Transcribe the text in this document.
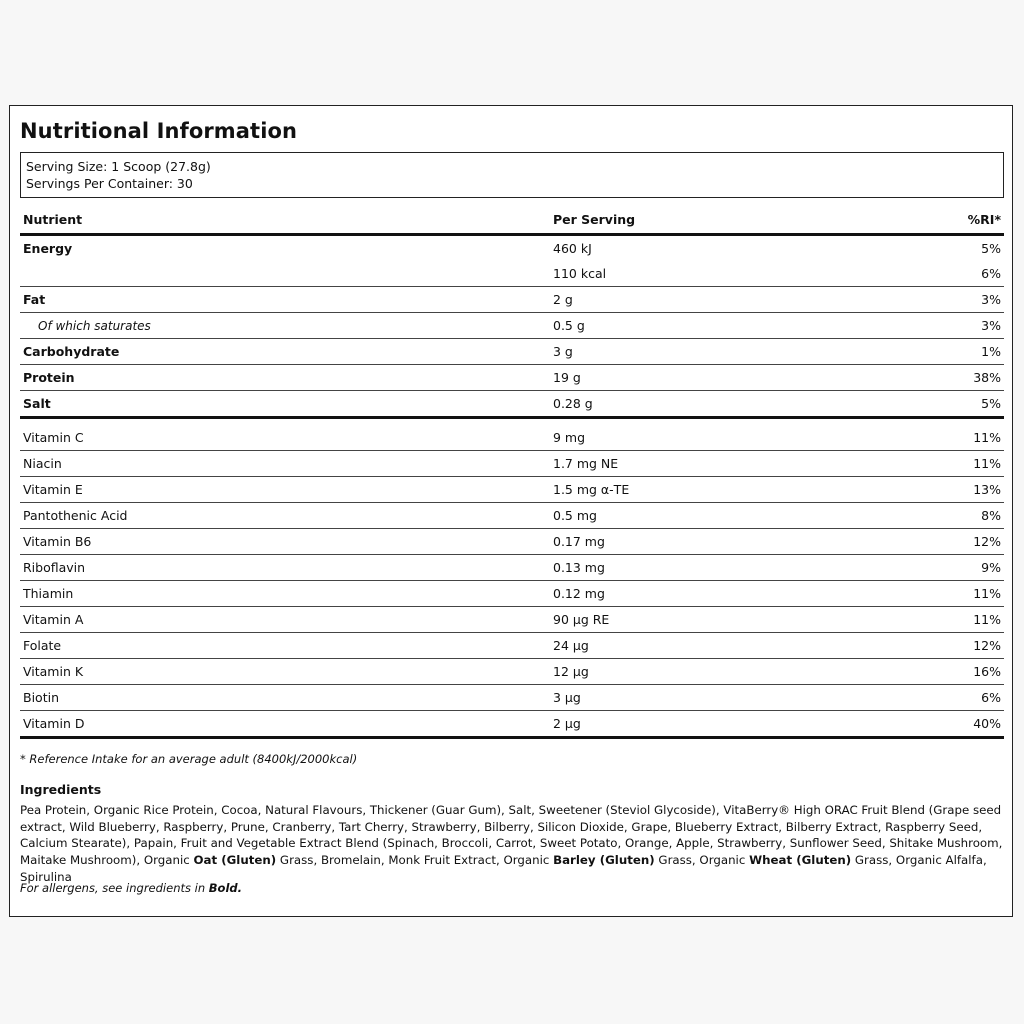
Nutritional Information
Serving Size: 1 Scoop (27.8g)
Servings Per Container: 30
Nutrient	Per Serving	%RI*
Energy	460 kJ	5%
	110 kcal	6%
Fat	2 g	3%
Of which saturates	0.5 g	3%
Carbohydrate	3 g	1%
Protein	19 g	38%
Salt	0.28 g	5%

Vitamin C	9 mg	11%
Niacin	1.7 mg NE	11%
Vitamin E	1.5 mg α-TE	13%
Pantothenic Acid	0.5 mg	8%
Vitamin B6	0.17 mg	12%
Riboflavin	0.13 mg	9%
Thiamin	0.12 mg	11%
Vitamin A	90 µg RE	11%
Folate	24 µg	12%
Vitamin K	12 µg	16%
Biotin	3 µg	6%
Vitamin D	2 µg	40%
* Reference Intake for an average adult (8400kJ/2000kcal)
Ingredients
Pea Protein, Organic Rice Protein, Cocoa, Natural Flavours, Thickener (Guar Gum), Salt, Sweetener (Steviol Glycoside), VitaBerry® High ORAC Fruit Blend (Grape seed extract, Wild Blueberry, Raspberry, Prune, Cranberry, Tart Cherry, Strawberry, Bilberry, Silicon Dioxide, Grape, Blueberry Extract, Bilberry Extract, Raspberry Seed, Calcium Stearate), Papain, Fruit and Vegetable Extract Blend (Spinach, Broccoli, Carrot, Sweet Potato, Orange, Apple, Strawberry, Sunflower Seed, Shitake Mushroom, Maitake Mushroom), Organic Oat (Gluten) Grass, Bromelain, Monk Fruit Extract, Organic Barley (Gluten) Grass, Organic Wheat (Gluten) Grass, Organic Alfalfa, Spirulina
For allergens, see ingredients in Bold.
